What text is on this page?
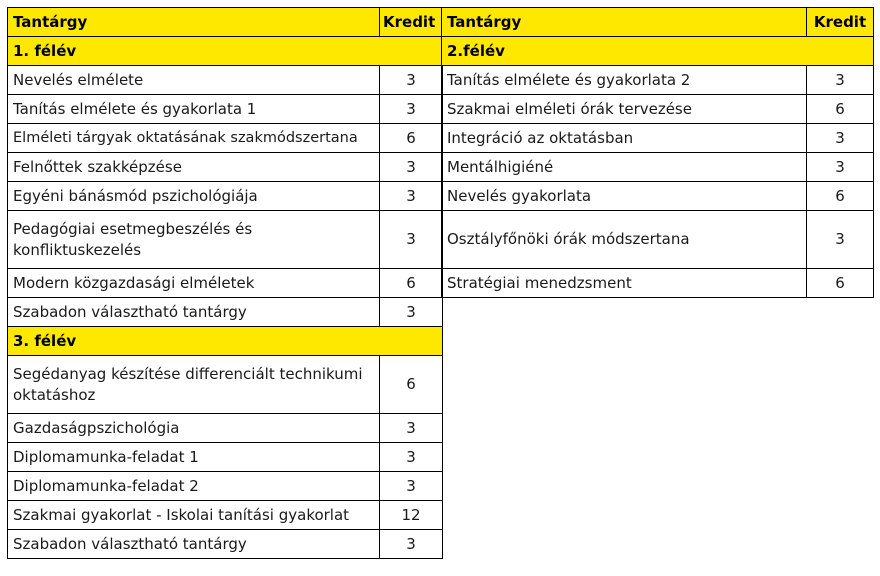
Tantárgy	Kredit
1. félév	
Nevelés elmélete	3
Tanítás elmélete és gyakorlata 1	3
Elméleti tárgyak oktatásának szakmódszertana	6
Felnőttek szakképzése	3
Egyéni bánásmód pszichológiája	3
Pedagógiai esetmegbeszélés és konfliktuskezelés	3
Modern közgazdasági elméletek	6
Szabadon választható tantárgy	3
3. félév	
Segédanyag készítése differenciált technikumi oktatáshoz	6
Gazdaságpszichológia	3
Diplomamunka-feladat 1	3
Diplomamunka-feladat 2	3
Szakmai gyakorlat - Iskolai tanítási gyakorlat	12
Szabadon választható tantárgy	3
Tantárgy	Kredit
2.félév	
Tanítás elmélete és gyakorlata 2	3
Szakmai elméleti órák tervezése	6
Integráció az oktatásban	3
Mentálhigiéné	3
Nevelés gyakorlata	6
Osztályfőnöki órák módszertana	3
Stratégiai menedzsment	6
